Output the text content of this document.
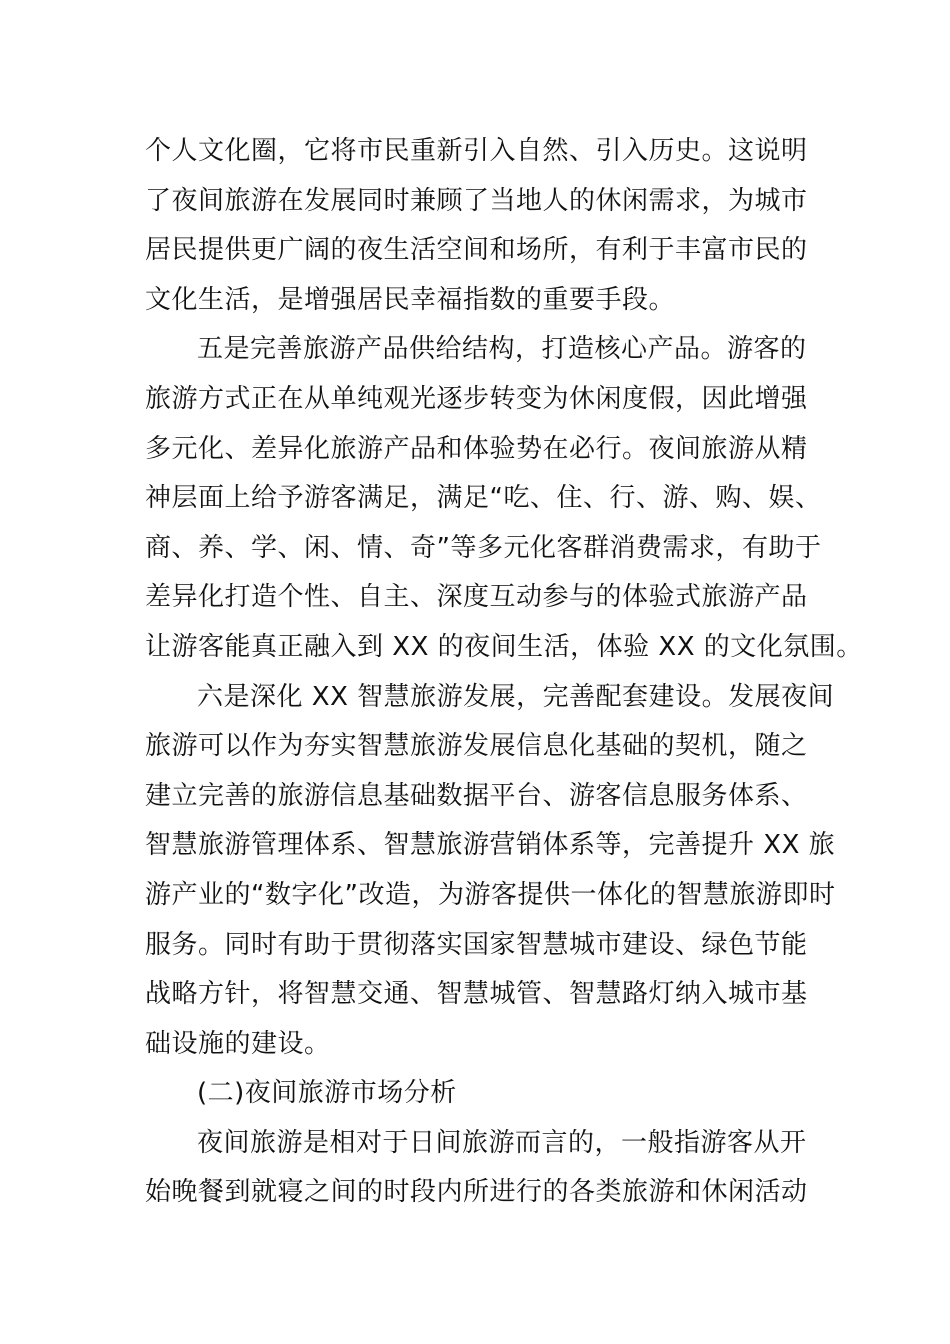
个人文化圈，它将市民重新引入自然、引入历史。这说明
了夜间旅游在发展同时兼顾了当地人的休闲需求，为城市
居民提供更广阔的夜生活空间和场所，有利于丰富市民的
文化生活，是增强居民幸福指数的重要手段。
五是完善旅游产品供给结构，打造核心产品。游客的
旅游方式正在从单纯观光逐步转变为休闲度假，因此增强
多元化、差异化旅游产品和体验势在必行。夜间旅游从精
神层面上给予游客满足，满足“吃、住、行、游、购、娱、
商、养、学、闲、情、奇”等多元化客群消费需求，有助于
差异化打造个性、自主、深度互动参与的体验式旅游产品
让游客能真正融入到 XX 的夜间生活，体验 XX 的文化氛围。
六是深化 XX 智慧旅游发展，完善配套建设。发展夜间
旅游可以作为夯实智慧旅游发展信息化基础的契机，随之
建立完善的旅游信息基础数据平台、游客信息服务体系、
智慧旅游管理体系、智慧旅游营销体系等，完善提升 XX 旅
游产业的“数字化”改造，为游客提供一体化的智慧旅游即时
服务。同时有助于贯彻落实国家智慧城市建设、绿色节能
战略方针，将智慧交通、智慧城管、智慧路灯纳入城市基
础设施的建设。
(二)夜间旅游市场分析
夜间旅游是相对于日间旅游而言的，一般指游客从开
始晚餐到就寝之间的时段内所进行的各类旅游和休闲活动
